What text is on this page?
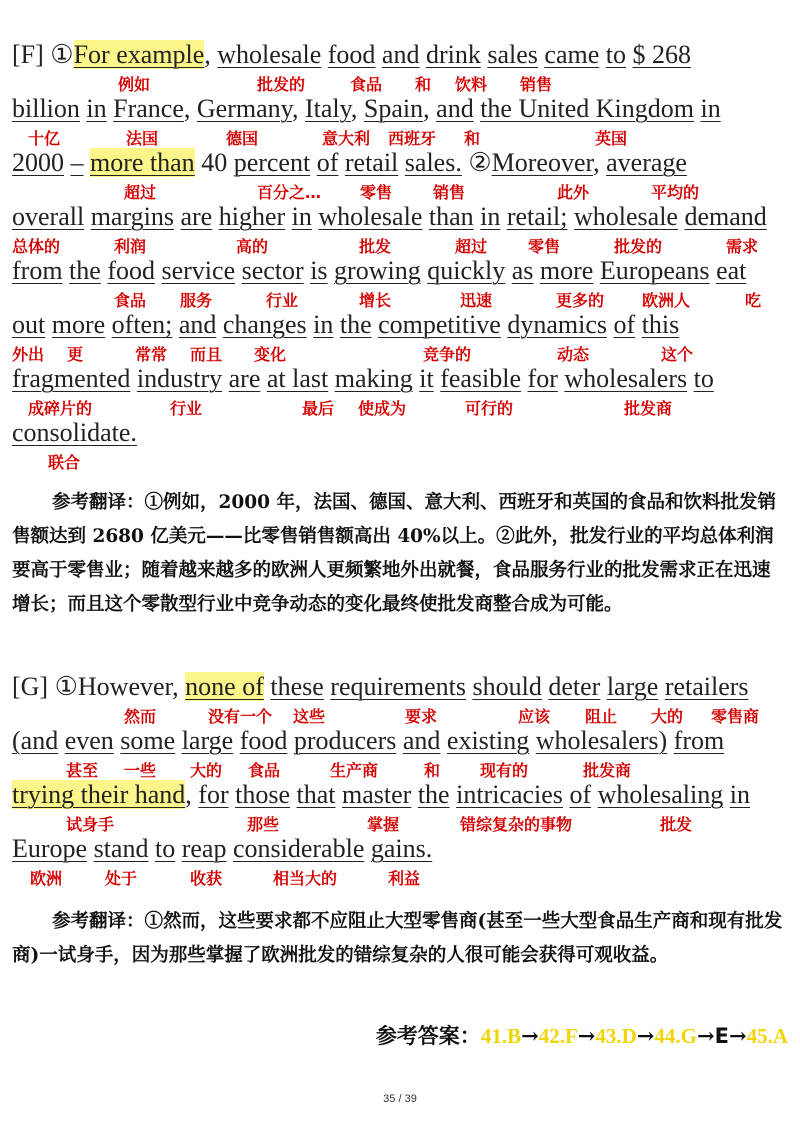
[F] ①For example, wholesale food and drink sales came to $ 268
billion in France, Germany, Italy, Spain, and the United Kingdom in
2000 – more than 40 percent of retail sales. ②Moreover, average
overall margins are higher in wholesale than in retail; wholesale demand
from the food service sector is growing quickly as more Europeans eat
out more often; and changes in the competitive dynamics of this
fragmented industry are at last making it feasible for wholesalers to
consolidate.
例如	批发的	食品 和 饮料 销售
十亿	法国	德国	意大利 西班牙 和	英国
超过	百分之… 零售	销售	此外	平均的
总体的	利润	高的	批发	超过	零售	批发的	需求
食品 服务	行业	增长	迅速	更多的 欧洲人	吃
外出 更	常常 而且 变化	竞争的	动态	这个
成碎片的	行业	最后 使成为	可行的	批发商
联合
参考翻译：①例如，2000 年，法国、德国、意大利、西班牙和英国的食品和饮料批发销售额达到 2680 亿美元——比零售销售额高出 40%以上。②此外，批发行业的平均总体利润要高于零售业；随着越来越多的欧洲人更频繁地外出就餐，食品服务行业的批发需求正在迅速增长；而且这个零散型行业中竞争动态的变化最终使批发商整合成为可能。
[G] ①However, none of these requirements should deter large retailers
(and even some large food producers and existing wholesalers) from
trying their hand, for those that master the intricacies of wholesaling in
Europe stand to reap considerable gains.
然而	没有一个 这些	要求	应该 阻止 大的 零售商
甚至 一些 大的 食品	生产商	和 现有的	批发商
试身手	那些	掌握	错综复杂的事物	批发
欧洲	处于	收获	相当大的	利益
参考翻译：①然而，这些要求都不应阻止大型零售商(甚至一些大型食品生产商和现有批发商)一试身手，因为那些掌握了欧洲批发的错综复杂的人很可能会获得可观收益。
参考答案：41.B→42.F→43.D→44.G→E→45.A
35 / 39
